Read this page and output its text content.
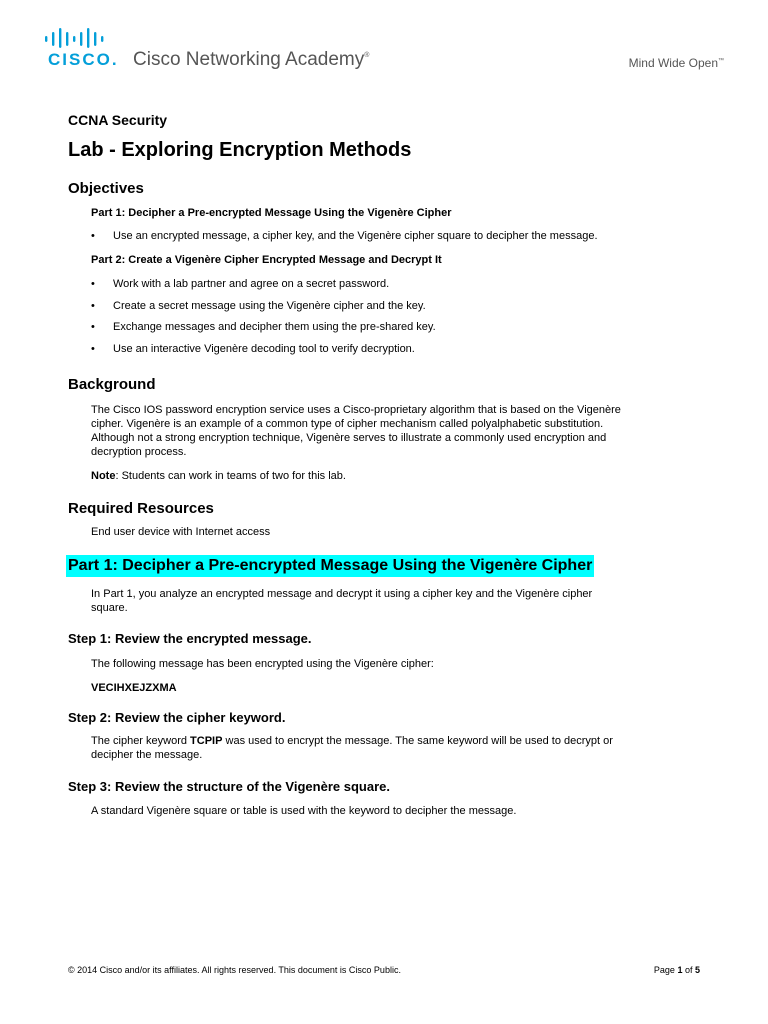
CISCO. Cisco Networking Academy®
Mind Wide Open™
CCNA Security
Lab - Exploring Encryption Methods
Objectives
Part 1: Decipher a Pre-encrypted Message Using the Vigenère Cipher
• Use an encrypted message, a cipher key, and the Vigenère cipher square to decipher the message.
Part 2: Create a Vigenère Cipher Encrypted Message and Decrypt It
• Work with a lab partner and agree on a secret password.
• Create a secret message using the Vigenère cipher and the key.
• Exchange messages and decipher them using the pre-shared key.
• Use an interactive Vigenère decoding tool to verify decryption.
Background
The Cisco IOS password encryption service uses a Cisco-proprietary algorithm that is based on the Vigenère
cipher. Vigenère is an example of a common type of cipher mechanism called polyalphabetic substitution.
Although not a strong encryption technique, Vigenère serves to illustrate a commonly used encryption and
decryption process.
Note: Students can work in teams of two for this lab.
Required Resources
End user device with Internet access
Part 1: Decipher a Pre-encrypted Message Using the Vigenère Cipher
In Part 1, you analyze an encrypted message and decrypt it using a cipher key and the Vigenère cipher
square.
Step 1: Review the encrypted message.
The following message has been encrypted using the Vigenère cipher:
VECIHXEJZXMA
Step 2: Review the cipher keyword.
The cipher keyword TCPIP was used to encrypt the message. The same keyword will be used to decrypt or
decipher the message.
Step 3: Review the structure of the Vigenère square.
A standard Vigenère square or table is used with the keyword to decipher the message.
© 2014 Cisco and/or its affiliates. All rights reserved. This document is Cisco Public.	Page 1 of 5
